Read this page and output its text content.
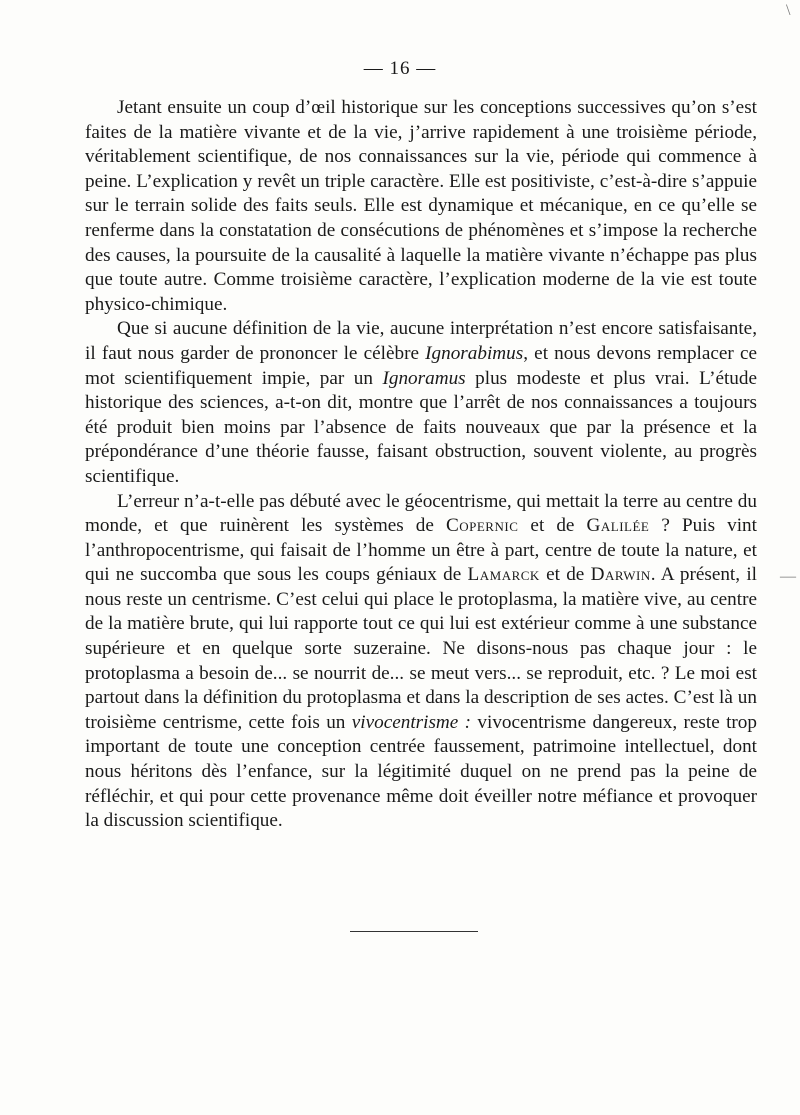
\
—
— 16 —

Jetant ensuite un coup d’œil historique sur les conceptions successives qu’on s’est faites de la matière vivante et de la vie, j’arrive rapidement à une troisième période, véritablement scientifique, de nos connaissances sur la vie, période qui commence à peine. L’explication y revêt un triple caractère. Elle est positiviste, c’est-à-dire s’appuie sur le terrain solide des faits seuls. Elle est dynamique et mécanique, en ce qu’elle se renferme dans la constatation de consécutions de phénomènes et s’impose la recherche des causes, la poursuite de la causalité à laquelle la matière vivante n’échappe pas plus que toute autre. Comme troisième caractère, l’explication moderne de la vie est toute physico-chimique.

Que si aucune définition de la vie, aucune interprétation n’est encore satisfaisante, il faut nous garder de prononcer le célèbre Ignorabimus, et nous devons remplacer ce mot scientifiquement impie, par un Ignoramus plus modeste et plus vrai. L’étude historique des sciences, a-t-on dit, montre que l’arrêt de nos connaissances a toujours été produit bien moins par l’absence de faits nouveaux que par la présence et la prépondérance d’une théorie fausse, faisant obstruction, souvent violente, au progrès scientifique.

L’erreur n’a-t-elle pas débuté avec le géocentrisme, qui mettait la terre au centre du monde, et que ruinèrent les systèmes de Copernic et de Galilée ? Puis vint l’anthropocentrisme, qui faisait de l’homme un être à part, centre de toute la nature, et qui ne succomba que sous les coups géniaux de Lamarck et de Darwin. A présent, il nous reste un centrisme. C’est celui qui place le protoplasma, la matière vive, au centre de la matière brute, qui lui rapporte tout ce qui lui est extérieur comme à une substance supérieure et en quelque sorte suzeraine. Ne disons-nous pas chaque jour : le protoplasma a besoin de... se nourrit de... se meut vers... se reproduit, etc. ? Le moi est partout dans la définition du protoplasma et dans la description de ses actes. C’est là un troisième centrisme, cette fois un vivocentrisme : vivocentrisme dangereux, reste trop important de toute une conception centrée faussement, patrimoine intellectuel, dont nous héritons dès l’enfance, sur la légitimité duquel on ne prend pas la peine de réfléchir, et qui pour cette provenance même doit éveiller notre méfiance et provoquer la discussion scientifique.
